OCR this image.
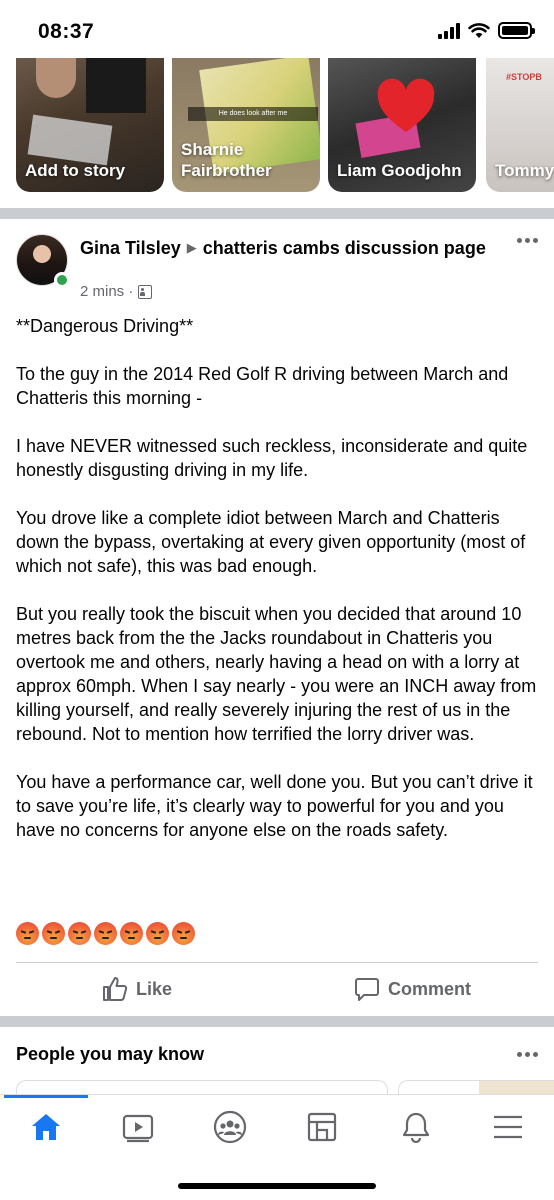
08:37
Add to story
He does look after me
Sharnie
Fairbrother	Liam Goodjohn
#STOPB
Tommy
Gina Tilsley ▶ chatteris cambs discussion page
2 mins ·

**Dangerous Driving**

To the guy in the 2014 Red Golf R driving between March and Chatteris this morning -

I have NEVER witnessed such reckless, inconsiderate and quite honestly disgusting driving in my life.

You drove like a complete idiot between March and Chatteris down the bypass, overtaking at every given opportunity (most of which not safe), this was bad enough.

But you really took the biscuit when you decided that around 10 metres back from the the Jacks roundabout in Chatteris you overtook me and others, nearly having a head on with a lorry at approx 60mph. When I say nearly - you were an INCH away from killing yourself, and really severely injuring the rest of us in the rebound. Not to mention how terrified the lorry driver was.

You have a performance car, well done you. But you can’t drive it to save you’re life, it’s clearly way to powerful for you and you have no concerns for anyone else on the roads safety.

Like	Comment
People you may know
